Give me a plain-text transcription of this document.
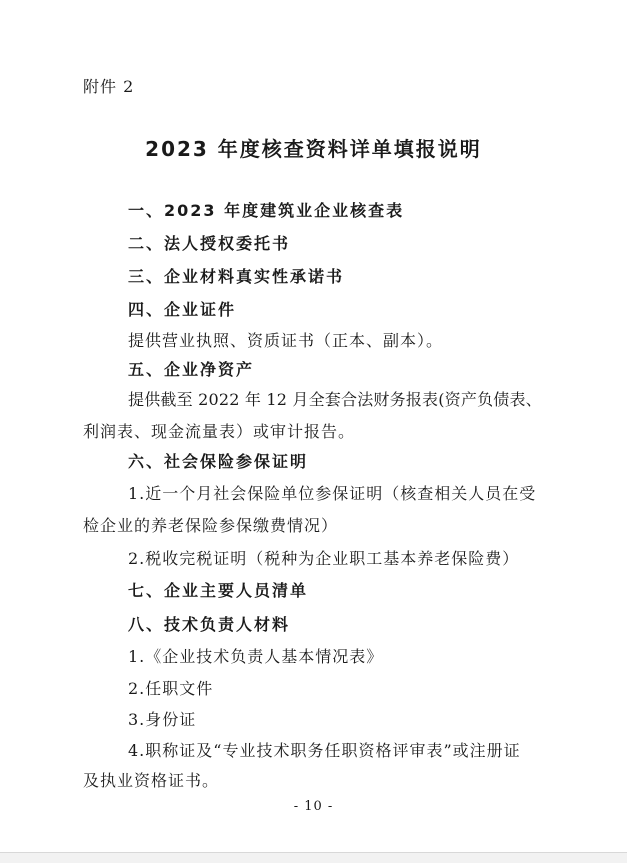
附件 2
2023 年度核查资料详单填报说明
一、2023 年度建筑业企业核查表
二、法人授权委托书
三、企业材料真实性承诺书
四、企业证件
提供营业执照、资质证书（正本、副本）。
五、企业净资产
提供截至 2022 年 12 月全套合法财务报表(资产负债表、
利润表、现金流量表）或审计报告。
六、社会保险参保证明
1.近一个月社会保险单位参保证明（核查相关人员在受
检企业的养老保险参保缴费情况）
2.税收完税证明（税种为企业职工基本养老保险费）
七、企业主要人员清单
八、技术负责人材料
1.《企业技术负责人基本情况表》
2.任职文件
3.身份证
4.职称证及“专业技术职务任职资格评审表”或注册证
及执业资格证书。
- 10 -
